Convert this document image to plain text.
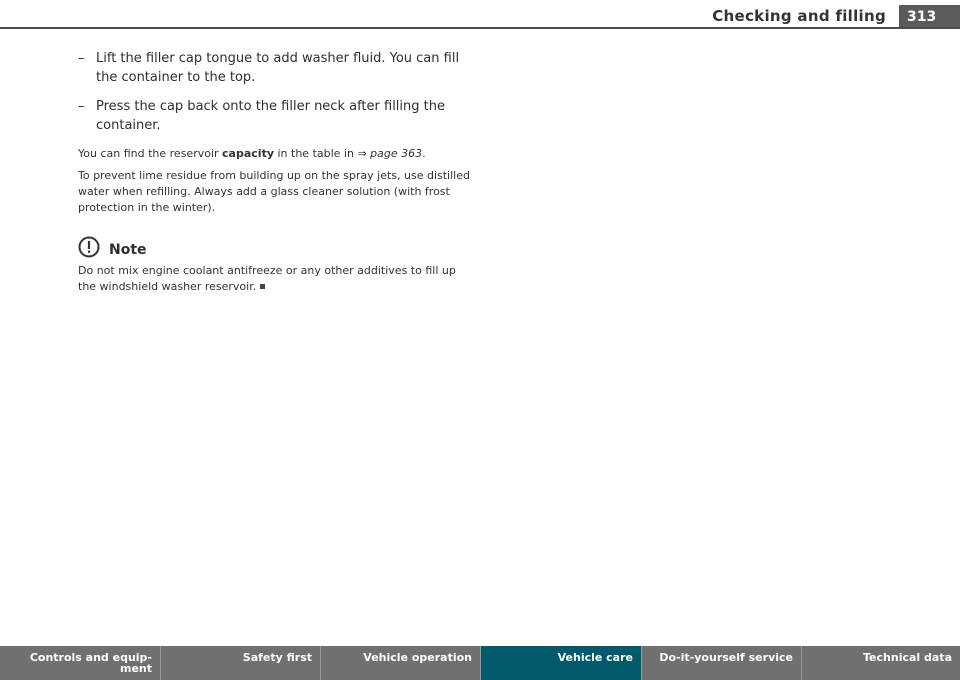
Checking and filling	313
– Lift the filler cap tongue to add washer fluid. You can fill the container to the top.
– Press the cap back onto the filler neck after filling the container.

You can find the reservoir capacity in the table in ⇒ page 363.

To prevent lime residue from building up on the spray jets, use distilled water when refilling. Always add a glass cleaner solution (with frost protection in the winter).

Note

Do not mix engine coolant antifreeze or any other additives to fill up the windshield washer reservoir.

Controls and equip-
ment
Safety first	Vehicle operation	Vehicle care Do-it-yourself service	Technical data
